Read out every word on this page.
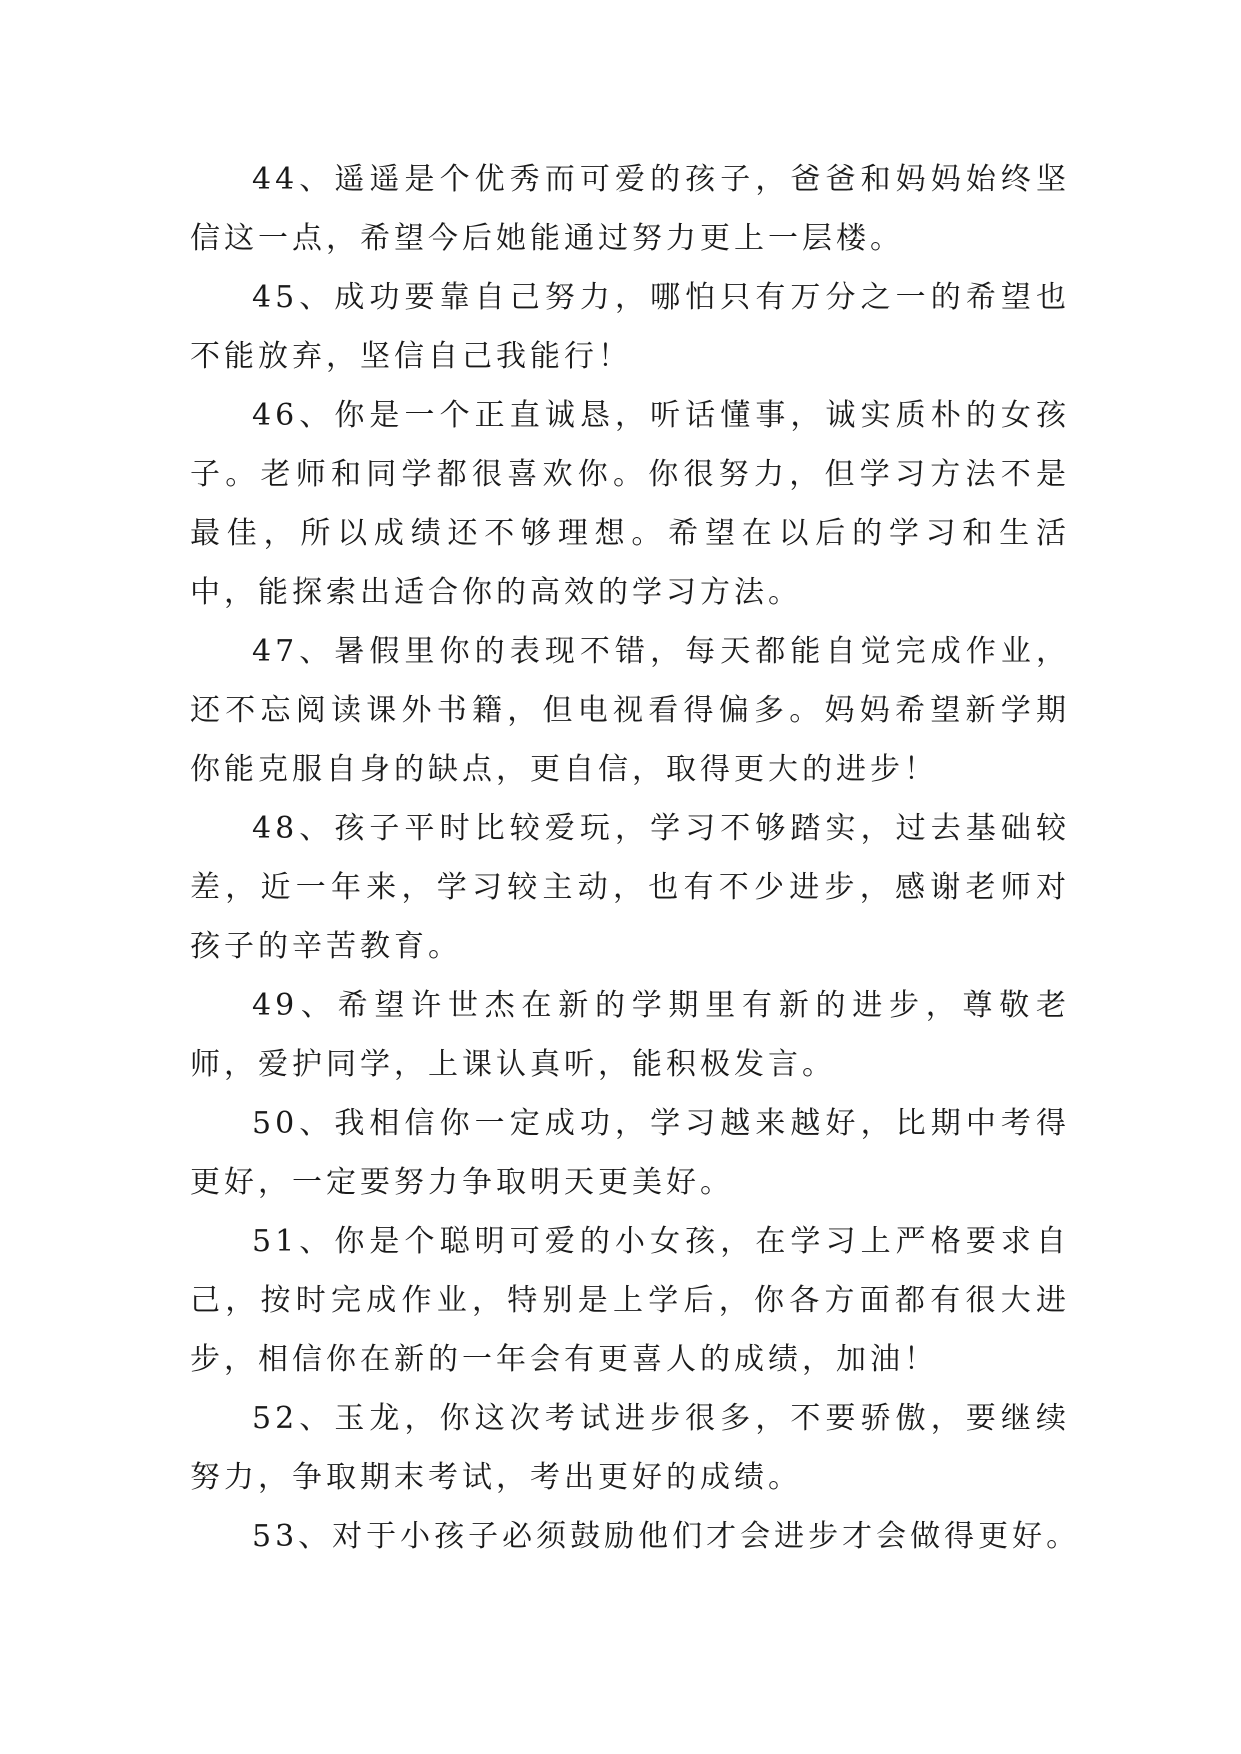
44、遥遥是个优秀而可爱的孩子，爸爸和妈妈始终坚信这一点，希望今后她能通过努力更上一层楼。

45、成功要靠自己努力，哪怕只有万分之一的希望也不能放弃，坚信自己我能行！

46、你是一个正直诚恳，听话懂事，诚实质朴的女孩子。老师和同学都很喜欢你。你很努力，但学习方法不是最佳，所以成绩还不够理想。希望在以后的学习和生活中，能探索出适合你的高效的学习方法。

47、暑假里你的表现不错，每天都能自觉完成作业，还不忘阅读课外书籍，但电视看得偏多。妈妈希望新学期你能克服自身的缺点，更自信，取得更大的进步！

48、孩子平时比较爱玩，学习不够踏实，过去基础较差，近一年来，学习较主动，也有不少进步，感谢老师对孩子的辛苦教育。

49、希望许世杰在新的学期里有新的进步，尊敬老师，爱护同学，上课认真听，能积极发言。

50、我相信你一定成功，学习越来越好，比期中考得更好，一定要努力争取明天更美好。

51、你是个聪明可爱的小女孩，在学习上严格要求自己，按时完成作业，特别是上学后，你各方面都有很大进步，相信你在新的一年会有更喜人的成绩，加油！

52、玉龙，你这次考试进步很多，不要骄傲，要继续努力，争取期末考试，考出更好的成绩。

53、对于小孩子必须鼓励他们才会进步才会做得更好。
